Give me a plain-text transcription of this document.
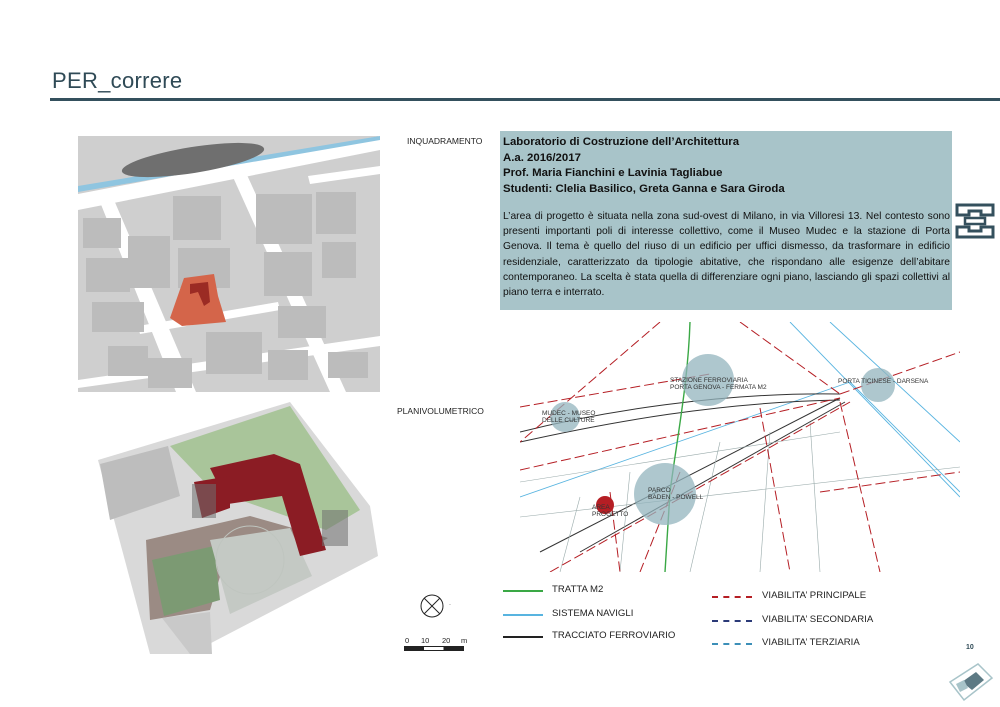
PER_correre
INQUADRAMENTO
PLANIVOLUMETRICO
Laboratorio di Costruzione dell’Architettura
A.a. 2016/2017
Prof. Maria Fianchini e Lavinia Tagliabue
Studenti: Clelia Basilico, Greta Ganna e Sara Giroda
L’area di progetto è situata nella zona sud-ovest di Milano, in via Villoresi 13. Nel contesto sono presenti importanti poli di interesse collettivo, come il Museo Mudec e la stazione di Porta Genova. Il tema è quello del riuso di un edificio per uffici dismesso, da trasformare in edificio residenziale, caratterizzato da tipologie abitative, che rispondano alle esigenze dell’abitare contemporaneo. La scelta è stata quella di differenziare ogni piano, lasciando gli spazi collettivi al piano terra e interrato.
STAZIONE FERROVIARIA
PORTA GENOVA - FERMATA M2
PORTA TICINESE - DARSENA
MUDEC - MUSEO
DELLE CULTURE
PARCO
BADEN - POWELL
AREA
PROGETTO
·
0 10 20 m
TRATTA M2
SISTEMA NAVIGLI
TRACCIATO FERROVIARIO
VIABILITA’ PRINCIPALE
VIABILITA’ SECONDARIA
VIABILITA’ TERZIARIA	10
